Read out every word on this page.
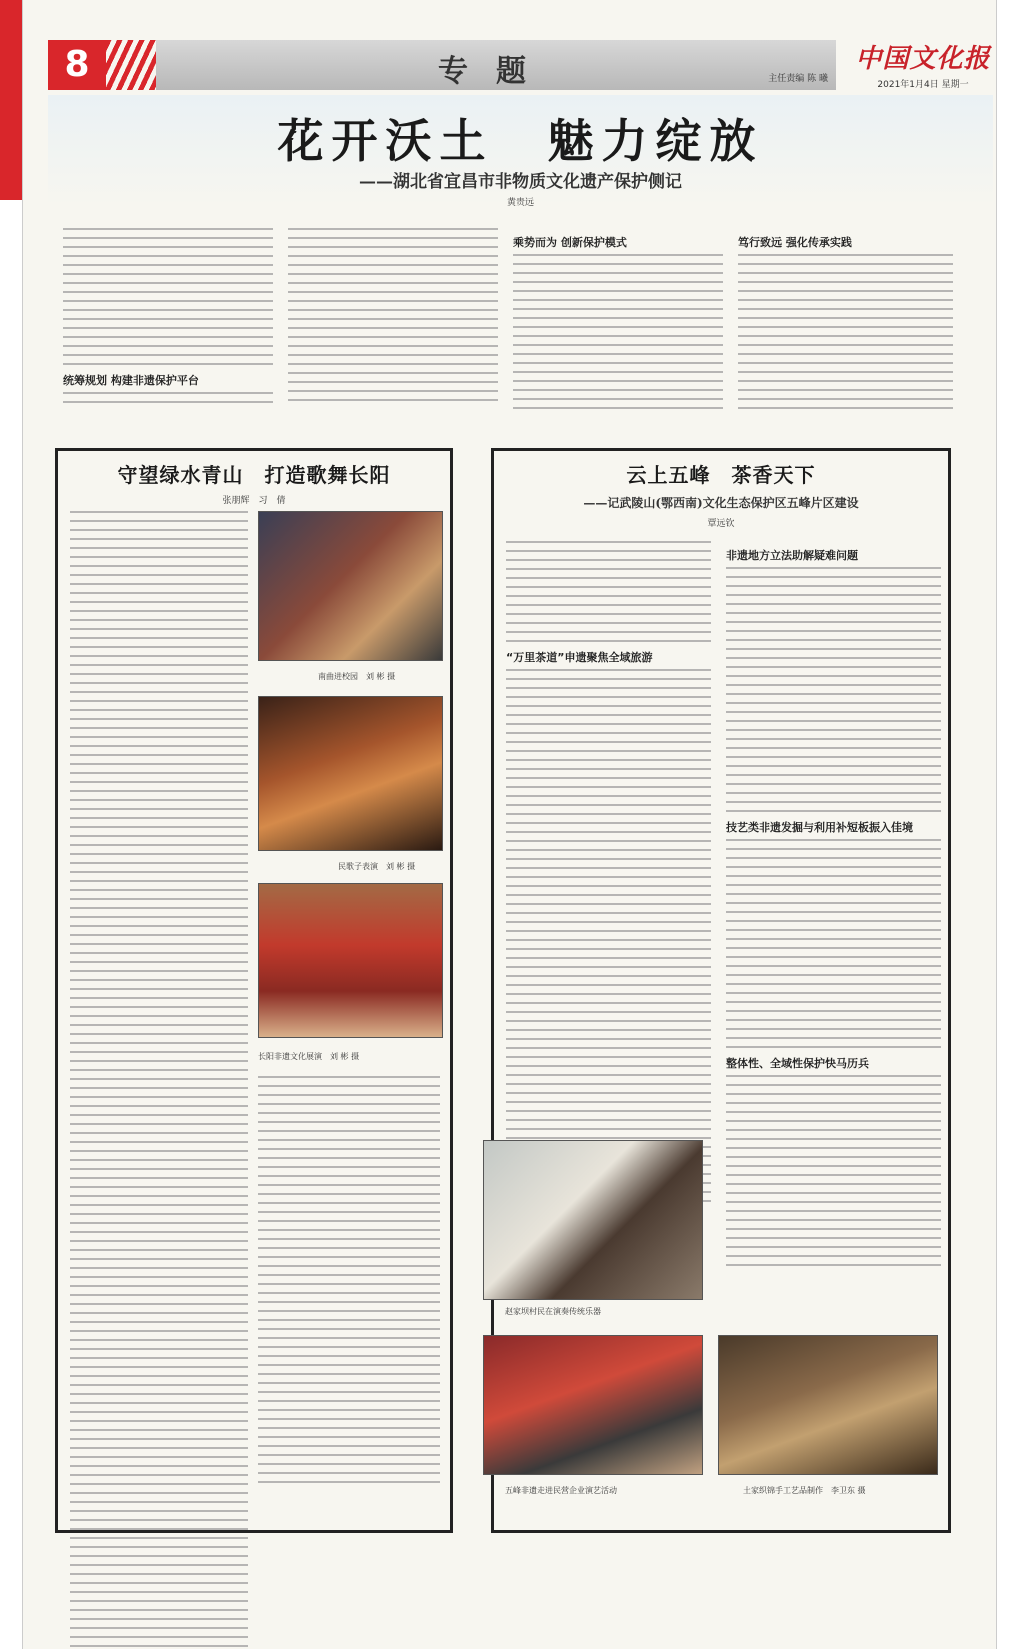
8	专题	主任责编 陈 曦
中国文化报
2021年1月4日 星期一
花开沃土　魅力绽放
——湖北省宜昌市非物质文化遗产保护侧记
黄贵远
统筹规划 构建非遗保护平台
乘势而为 创新保护模式	笃行致远 强化传承实践
守望绿水青山　打造歌舞长阳
张朋辉　习　倩
南曲进校园　刘 彬 摄
民歌子表演　刘 彬 摄
长阳非遗文化展演　刘 彬 摄
云上五峰　茶香天下
——记武陵山(鄂西南)文化生态保护区五峰片区建设
覃远钦
“万里茶道”申遗聚焦全域旅游
非遗地方立法助解疑难问题
技艺类非遗发掘与利用补短板振入佳境
整体性、全域性保护快马历兵
赵家坝村民在演奏传统乐器
五峰非遗走进民营企业演艺活动	土家织锦手工艺品制作　李卫东 摄
